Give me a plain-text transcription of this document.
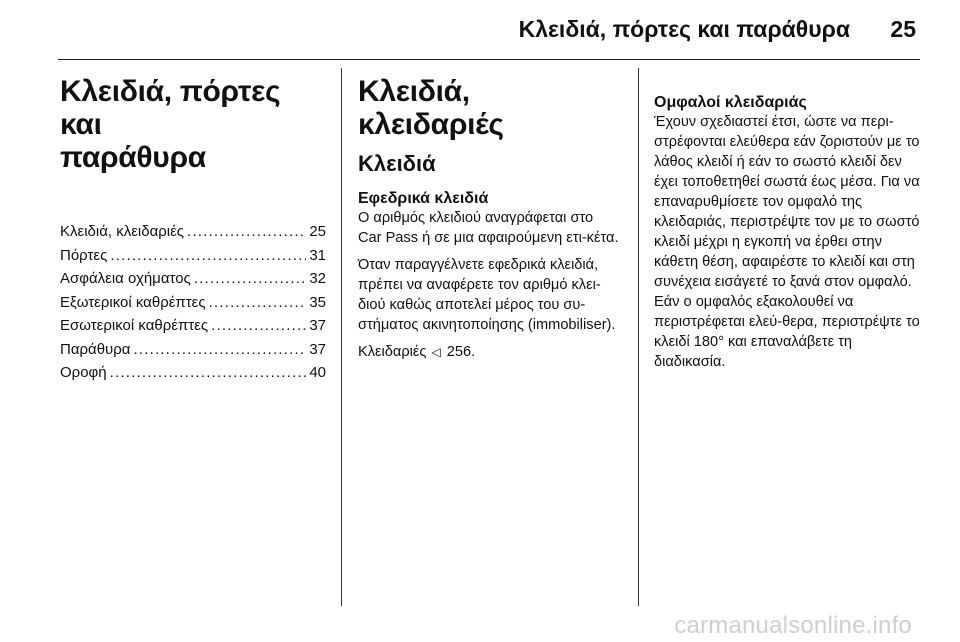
Κλειδιά, πόρτες και παράθυρα 25
Κλειδιά, πόρτες και
παράθυρα
Κλειδιά, κλειδαριές .....	25
Πόρτες .....	31
Ασφάλεια οχήματος .....	32
Εξωτερικοί καθρέπτες .....	35
Εσωτερικοί καθρέπτες .....	37
Παράθυρα .....	37
Οροφή .....	40
Κλειδιά, κλειδαριές
Κλειδιά
Εφεδρικά κλειδιά

Ο αριθμός κλειδιού αναγράφεται στο Car Pass ή σε μια αφαιρούμενη ετι-κέτα.

Όταν παραγγέλνετε εφεδρικά κλειδιά, πρέπει να αναφέρετε τον αριθμό κλει-διού καθώς αποτελεί μέρος του συ-στήματος ακινητοποίησης (immobiliser).

Κλειδαριές ◁ 256.

Ομφαλοί κλειδαριάς

Έχουν σχεδιαστεί έτσι, ώστε να περι-στρέφονται ελεύθερα εάν ζοριστούν με το λάθος κλειδί ή εάν το σωστό κλειδί δεν έχει τοποθετηθεί σωστά έως μέσα. Για να επαναρυθμίσετε τον ομφαλό της κλειδαριάς, περιστρέψτε τον με το σωστό κλειδί μέχρι η εγκοπή να έρθει στην κάθετη θέση, αφαιρέστε το κλειδί και στη συνέχεια εισάγετέ το ξανά στον ομφαλό. Εάν ο ομφαλός εξακολουθεί να περιστρέφεται ελεύ-θερα, περιστρέψτε το κλειδί 180° και επαναλάβετε τη διαδικασία.

carmanualsonline.info
